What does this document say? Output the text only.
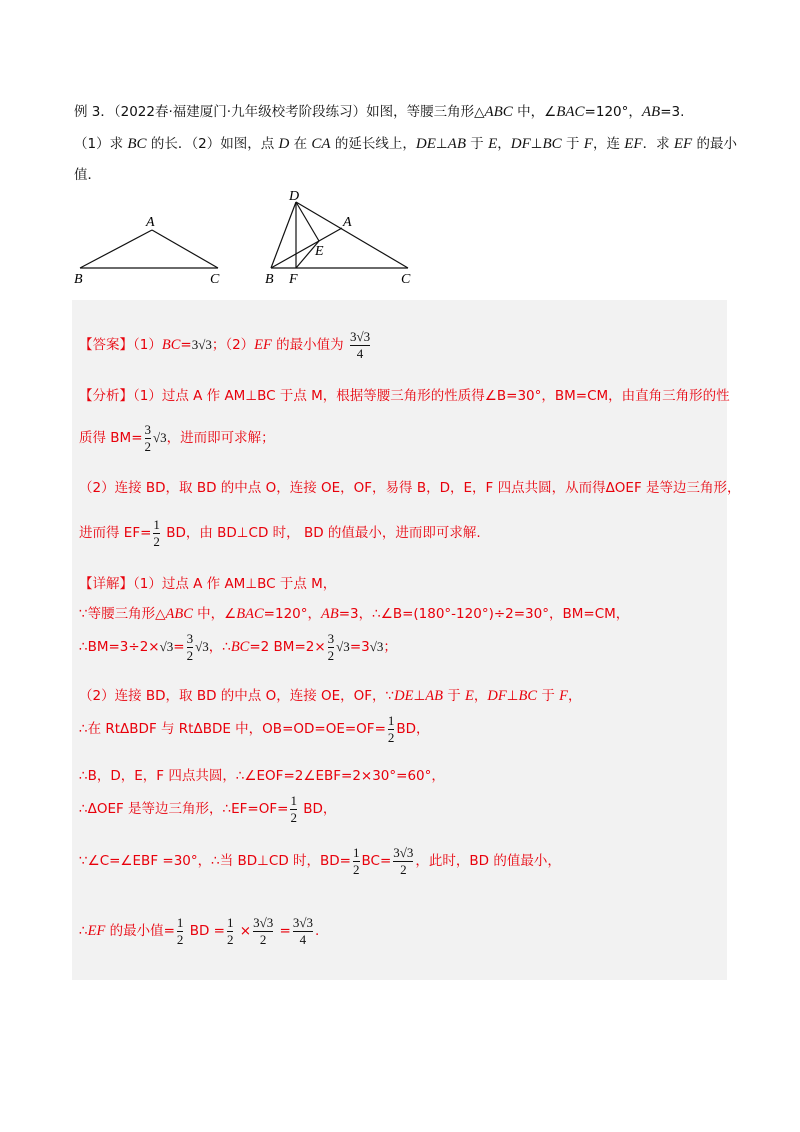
例 3．（2022春·福建厦门·九年级校考阶段练习）如图，等腰三角形△ABC 中，∠BAC=120°，AB=3.
（1）求 BC 的长．（2）如图，点 D 在 CA 的延长线上，DE⊥AB 于 E，DF⊥BC 于 F，连 EF．求 EF 的最小
值．
A
B	C
D
A
E
B F	C
【答案】（1）BC=3√3；（2）EF 的最小值为 $\frac{3√3}{4}$
【分析】（1）过点 A 作 AM⊥BC 于点 M，根据等腰三角形的性质得∠B=30°，BM=CM，由直角三角形的性
质得 $BM= \frac{3}{2} √3$，进而即可求解；
（2）连接 BD，取 BD 的中点 O，连接 OE，OF，易得 B，D，E，F 四点共圆，从而得ΔOEF 是等边三角形，
进而得 $EF= \frac{1}{2}$ BD，由 BD⊥CD 时， BD 的值最小，进而即可求解.
【详解】（1）过点 A 作 AM⊥BC 于点 M，
∵等腰三角形△ABC 中，∠BAC=120°，AB=3，∴∠B=(180°-120°)÷2=30°，BM=CM，
∴BM=3÷2×√3= $\frac{3}{2} √3$，∴BC=2 $BM=2\times \frac{3}{2} √3=3√3$；
（2）连接 BD，取 BD 的中点 O，连接 OE，OF，∵DE⊥AB 于 E，DF⊥BC 于 F，
∴在 RtΔBDF 与 RtΔBDE 中，$OB=OD=OE=OF= \frac{1}{2}$ BD，
∴B，D，E，F 四点共圆，∴∠EOF=2∠EBF=2×30°=60°，
∴ΔOEF 是等边三角形，∴EF=OF= $\frac{1}{2}$ BD，
∵∠C=∠EBF =30°，∴当 BD⊥CD 时，$BD= \frac{1}{2} BC= \frac{3√3}{2}$ ，此时，BD 的值最小，
∴EF 的最小值= $\frac{1}{2}$ BD = $\frac{1}{2} \times \frac{3√3}{2} = \frac{3√3}{4}$ .
